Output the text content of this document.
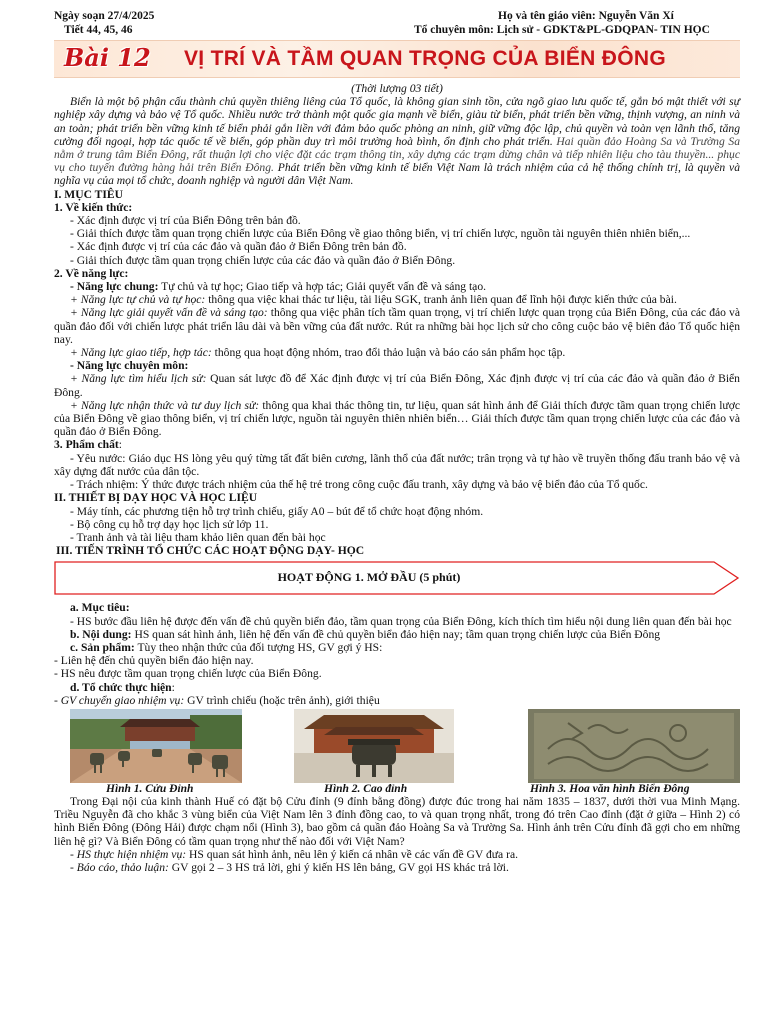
Ngày soạn 27/4/2025
Tiết 44, 45, 46
Họ và tên giáo viên: Nguyễn Văn Xí
Tổ chuyên môn: Lịch sử - GDKT&PL-GDQPAN- TIN HỌC
Bài 12 VỊ TRÍ VÀ TẦM QUAN TRỌNG CỦA BIỂN ĐÔNG

(Thời lượng 03 tiết)

Biển là một bộ phận cấu thành chủ quyền thiêng liêng của Tổ quốc, là không gian sinh tồn, cửa ngõ giao lưu quốc tế, gắn bó mật thiết với sự nghiệp xây dựng và bảo vệ Tổ quốc. Nhiều nước trở thành một quốc gia mạnh về biển, giàu từ biển, phát triển bền vững, thịnh vượng, an ninh và an toàn; phát triển bền vững kinh tế biển phải gắn liền với đảm bảo quốc phòng an ninh, giữ vững độc lập, chủ quyền và toàn vẹn lãnh thổ, tăng cường đối ngoại, hợp tác quốc tế về biển, góp phần duy trì môi trường hoà bình, ổn định cho phát triển. Hai quần đảo Hoàng Sa và Trường Sa nằm ở trung tâm Biển Đông, rất thuận lợi cho việc đặt các trạm thông tin, xây dựng các trạm dừng chân và tiếp nhiên liệu cho tàu thuyền... phục vụ cho tuyến đường hàng hải trên Biển Đông. Phát triển bền vững kinh tế biển Việt Nam là trách nhiệm của cả hệ thống chính trị, là quyền và nghĩa vụ của mọi tổ chức, doanh nghiệp và người dân Việt Nam.

I. MỤC TIÊU

1. Về kiến thức:

- Xác định được vị trí của Biển Đông trên bản đồ.

- Giải thích được tầm quan trọng chiến lược của Biển Đông về giao thông biển, vị trí chiến lược, nguồn tài nguyên thiên nhiên biển,...

- Xác định được vị trí của các đảo và quần đảo ở Biển Đông trên bản đồ.

- Giải thích được tầm quan trọng chiến lược của các đảo và quần đảo ở Biển Đông.

2. Về năng lực:

- Năng lực chung: Tự chủ và tự học; Giao tiếp và hợp tác; Giải quyết vấn đề và sáng tạo.

+ Năng lực tự chủ và tự học: thông qua việc khai thác tư liệu, tài liệu SGK, tranh ảnh liên quan để lĩnh hội được kiến thức của bài.

+ Năng lực giải quyết vấn đề và sáng tạo: thông qua việc phân tích tầm quan trọng, vị trí chiến lược quan trọng của Biển Đông, của các đảo và quần đảo đối với chiến lược phát triển lâu dài và bền vững của đất nước. Rút ra những bài học lịch sử cho công cuộc bảo vệ biên đảo Tổ quốc hiện nay.

+ Năng lực giao tiếp, hợp tác: thông qua hoạt động nhóm, trao đổi thảo luận và báo cáo sản phẩm học tập.

- Năng lực chuyên môn:

+ Năng lực tìm hiểu lịch sử: Quan sát lược đồ để Xác định được vị trí của Biển Đông, Xác định được vị trí của các đảo và quần đảo ở Biển Đông.

+ Năng lực nhận thức và tư duy lịch sử: thông qua khai thác thông tin, tư liệu, quan sát hình ảnh để Giải thích được tầm quan trọng chiến lược của Biển Đông về giao thông biển, vị trí chiến lược, nguồn tài nguyên thiên nhiên biển… Giải thích được tầm quan trọng chiến lược của các đảo và quần đảo ở Biển Đông.

3. Phẩm chất:

- Yêu nước: Giáo dục HS lòng yêu quý từng tất đất biên cương, lãnh thổ của đất nước; trân trọng và tự hào về truyền thống đấu tranh bảo vệ và xây dựng đất nước của dân tộc.

- Trách nhiệm: Ý thức được trách nhiệm của thế hệ trẻ trong công cuộc đấu tranh, xây dựng và bảo vệ biển đảo của Tổ quốc.

II. THIẾT BỊ DẠY HỌC VÀ HỌC LIỆU

- Máy tính, các phương tiện hỗ trợ trình chiếu, giấy A0 – bút để tổ chức hoạt động nhóm.

- Bộ công cụ hỗ trợ dạy học lịch sử lớp 11.

- Tranh ảnh và tài liệu tham khảo liên quan đến bài học

III. TIẾN TRÌNH TỔ CHỨC CÁC HOẠT ĐỘNG DẠY- HỌC

HOẠT ĐỘNG 1. MỞ ĐẦU (5 phút)

a. Mục tiêu:

- HS bước đầu liên hệ được đến vấn đề chủ quyền biển đảo, tầm quan trọng của Biển Đông, kích thích tìm hiểu nội dung liên quan đến bài học

b. Nội dung: HS quan sát hình ảnh, liên hệ đến vấn đề chủ quyền biển đảo hiện nay; tầm quan trọng chiến lược của Biển Đông

c. Sản phẩm: Tùy theo nhận thức của đối tượng HS, GV gợi ý HS:

- Liên hệ đến chủ quyền biển đảo hiện nay.

- HS nêu được tầm quan trọng chiến lược của Biển Đông.

d. Tổ chức thực hiện:

- GV chuyển giao nhiệm vụ: GV trình chiếu (hoặc trên ảnh), giới thiệu

Hình 1. Cửu Đỉnh	Hình 2. Cao đỉnh	Hình 3. Hoa văn hình Biển Đông

Trong Đại nội của kinh thành Huế có đặt bộ Cửu đỉnh (9 đỉnh bằng đồng) được đúc trong hai năm 1835 – 1837, dưới thời vua Minh Mạng. Triều Nguyễn đã cho khắc 3 vùng biển của Việt Nam lên 3 đỉnh đồng cao, to và quan trọng nhất, trong đó trên Cao đỉnh (đặt ở giữa – Hình 2) có hình Biển Đông (Đông Hải) được chạm nổi (Hình 3), bao gồm cả quần đảo Hoàng Sa và Trường Sa. Hình ảnh trên Cửu đỉnh đã gợi cho em những liên hệ gì? Và Biển Đông có tầm quan trọng như thế nào đối với Việt Nam?

- HS thực hiện nhiệm vụ: HS quan sát hình ảnh, nêu lên ý kiến cá nhân về các vấn đề GV đưa ra.

- Báo cáo, thảo luận: GV gọi 2 – 3 HS trả lời, ghi ý kiến HS lên bảng, GV gọi HS khác trả lời.
